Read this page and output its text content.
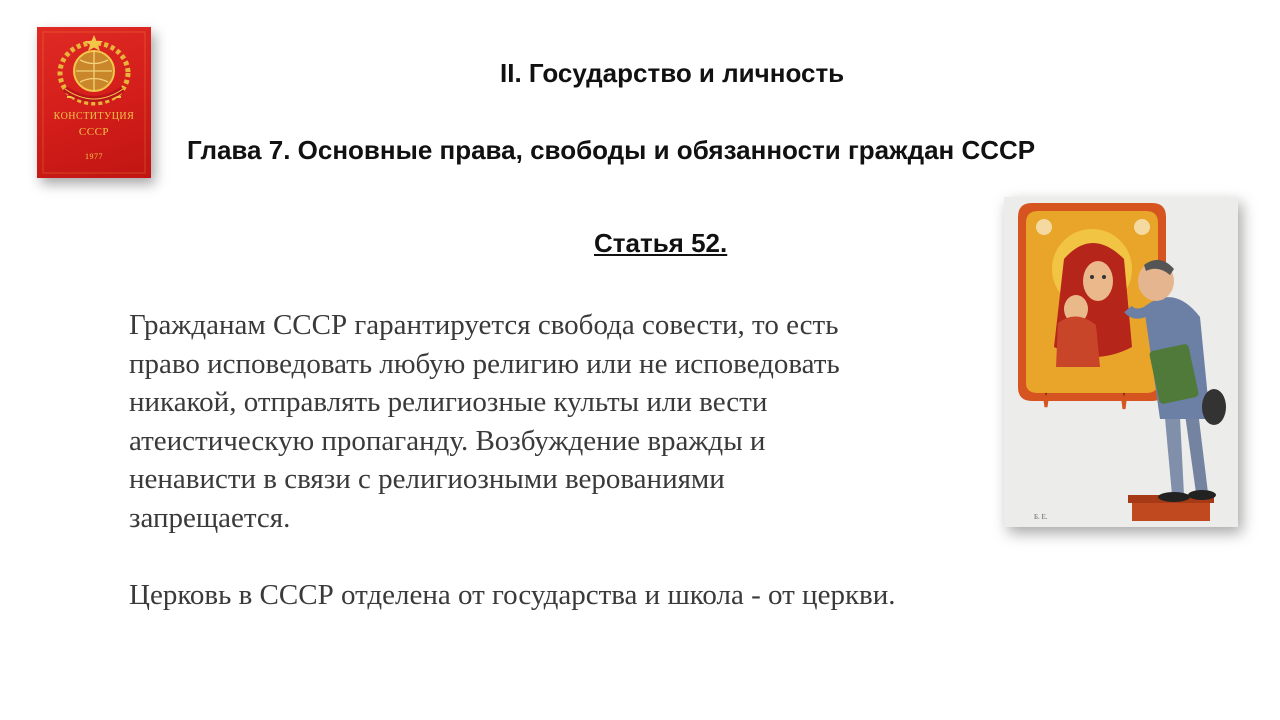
КОНСТИТУЦИЯ
СССР
1977
II. Государство и личность
Глава 7. Основные права, свободы и обязанности граждан СССР
Статья 52.

Гражданам СССР гарантируется свобода совести, то есть
право исповедовать любую религию или не исповедовать
никакой, отправлять религиозные культы или вести
атеистическую пропаганду. Возбуждение вражды и
ненависти в связи с религиозными верованиями
запрещается.

Церковь в СССР отделена от государства и школа - от церкви.

Б. Е.
